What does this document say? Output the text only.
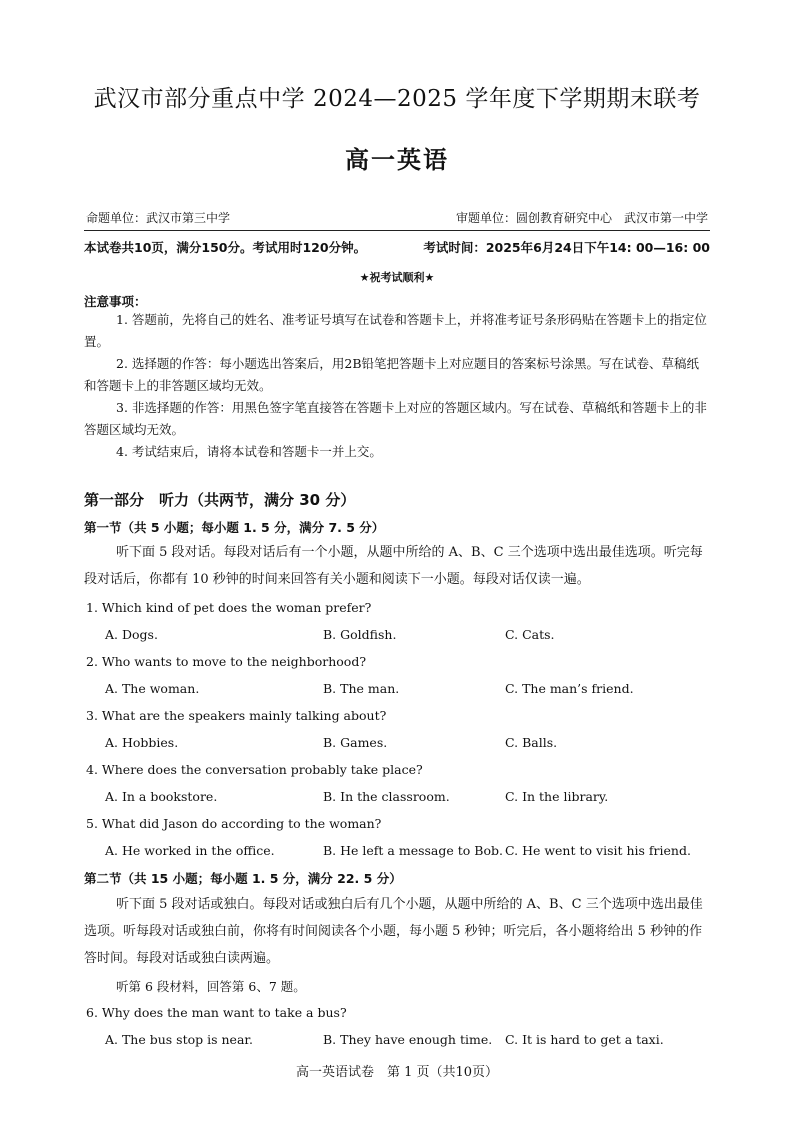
武汉市部分重点中学 2024—2025 学年度下学期期末联考
高一英语
命题单位：武汉市第三中学	审题单位：圆创教育研究中心　武汉市第一中学
本试卷共10页，满分150分。考试用时120分钟。	考试时间：2025年6月24日下午14: 00—16: 00
★祝考试顺利★
注意事项：
1. 答题前，先将自己的姓名、准考证号填写在试卷和答题卡上，并将准考证号条形码贴在答题卡上的指定位置。
2. 选择题的作答：每小题选出答案后，用2B铅笔把答题卡上对应题目的答案标号涂黑。写在试卷、草稿纸和答题卡上的非答题区域均无效。
3. 非选择题的作答：用黑色签字笔直接答在答题卡上对应的答题区域内。写在试卷、草稿纸和答题卡上的非答题区域均无效。
4. 考试结束后，请将本试卷和答题卡一并上交。
第一部分　听力（共两节，满分 30 分）
第一节（共 5 小题；每小题 1. 5 分，满分 7. 5 分）
听下面 5 段对话。每段对话后有一个小题，从题中所给的 A、B、C 三个选项中选出最佳选项。听完每段对话后，你都有 10 秒钟的时间来回答有关小题和阅读下一小题。每段对话仅读一遍。
1. Which kind of pet does the woman prefer?
A. Dogs.	B. Goldfish.	C. Cats.
2. Who wants to move to the neighborhood?
A. The woman.	B. The man.	C. The man’s friend.
3. What are the speakers mainly talking about?
A. Hobbies.	B. Games.	C. Balls.
4. Where does the conversation probably take place?
A. In a bookstore.	B. In the classroom.	C. In the library.
5. What did Jason do according to the woman?
A. He worked in the office.	B. He left a message to Bob. C. He went to visit his friend.
第二节（共 15 小题；每小题 1. 5 分，满分 22. 5 分）
听下面 5 段对话或独白。每段对话或独白后有几个小题，从题中所给的 A、B、C 三个选项中选出最佳选项。听每段对话或独白前，你将有时间阅读各个小题，每小题 5 秒钟；听完后，各小题将给出 5 秒钟的作答时间。每段对话或独白读两遍。
听第 6 段材料，回答第 6、7 题。
6. Why does the man want to take a bus?
A. The bus stop is near.	B. They have enough time. C. It is hard to get a taxi.
高一英语试卷　第 1 页（共10页）
